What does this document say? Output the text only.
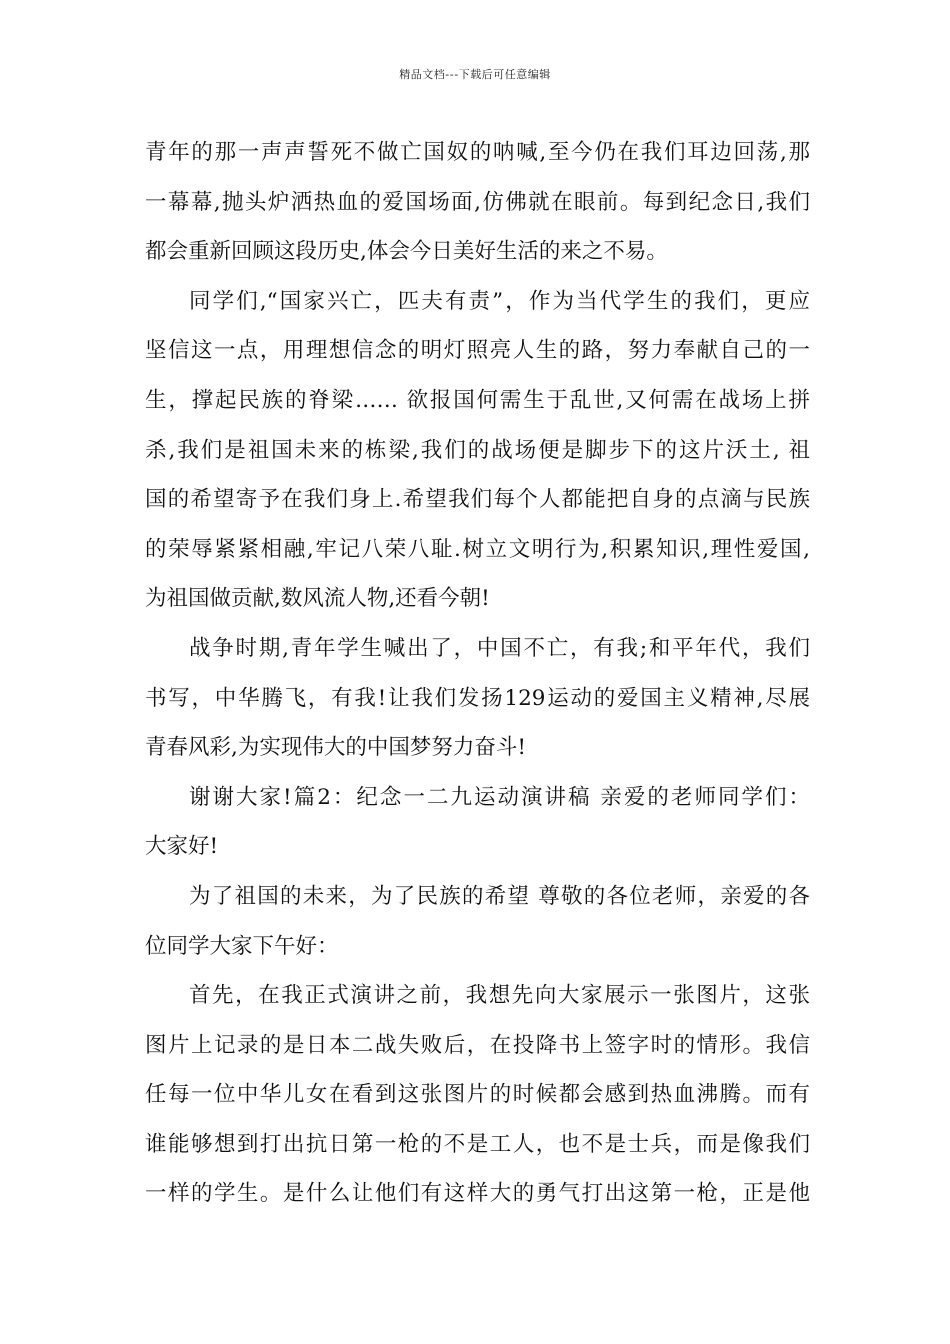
精品文档---下载后可任意编辑
青年的那一声声誓死不做亡国奴的呐喊,至今仍在我们耳边回荡,那
一幕幕,抛头炉洒热血的爱国场面,仿佛就在眼前。每到纪念日,我们
都会重新回顾这段历史,体会今日美好生活的来之不易。
同学们,“国家兴亡，匹夫有责”，作为当代学生的我们，更应
坚信这一点，用理想信念的明灯照亮人生的路，努力奉献自己的一
生，撑起民族的脊梁…… 欲报国何需生于乱世,又何需在战场上拼
杀,我们是祖国未来的栋梁,我们的战场便是脚步下的这片沃土, 祖
国的希望寄予在我们身上.希望我们每个人都能把自身的点滴与民族
的荣辱紧紧相融,牢记八荣八耻.树立文明行为,积累知识,理性爱国,
为祖国做贡献,数风流人物,还看今朝!
战争时期,青年学生喊出了，中国不亡，有我;和平年代，我们
书写，中华腾飞，有我!让我们发扬129运动的爱国主义精神,尽展
青春风彩,为实现伟大的中国梦努力奋斗!
谢谢大家!篇2：纪念一二九运动演讲稿 亲爱的老师同学们：
大家好!
为了祖国的未来，为了民族的希望 尊敬的各位老师，亲爱的各
位同学大家下午好：
首先，在我正式演讲之前，我想先向大家展示一张图片，这张
图片上记录的是日本二战失败后，在投降书上签字时的情形。我信
任每一位中华儿女在看到这张图片的时候都会感到热血沸腾。而有
谁能够想到打出抗日第一枪的不是工人，也不是士兵，而是像我们
一样的学生。是什么让他们有这样大的勇气打出这第一枪，正是他
